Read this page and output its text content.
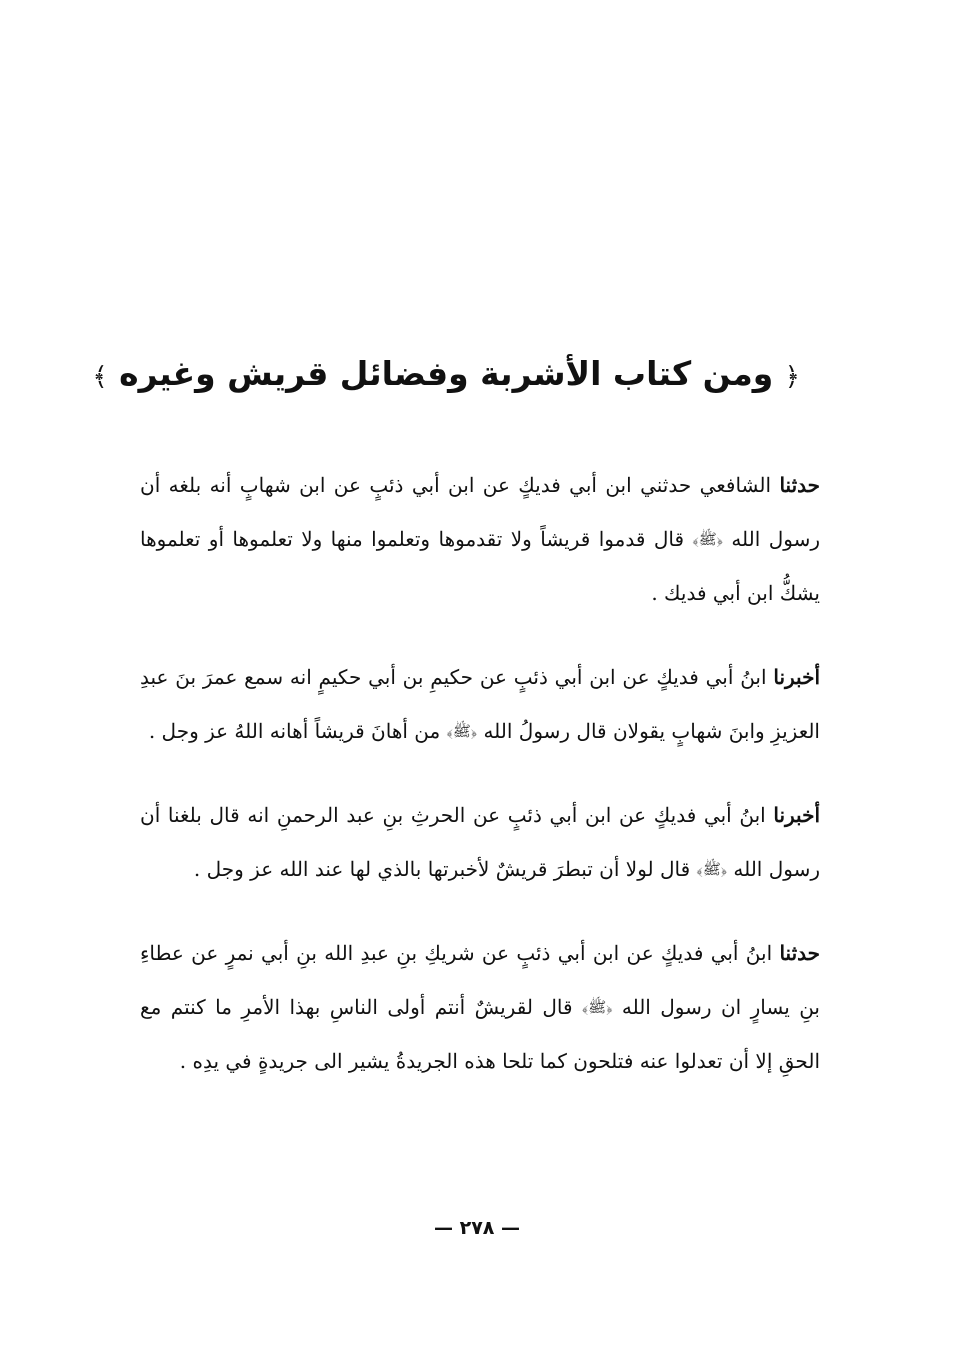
﴿ ومن كتاب الأشربة وفضائل قريش وغيره ﴾

حدثنا الشافعي حدثني ابن أبي فديكٍ عن ابن أبي ذئبٍ عن ابن شهابٍ أنه بلغه أن رسول الله ﴿ﷺ﴾ قال قدموا قريشاً ولا تقدموها وتعلموا منها ولا تعلموها أو تعلموها يشكُّ ابن أبي فديك .

أخبرنا ابنُ أبي فديكٍ عن ابن أبي ذئبٍ عن حكيمِ بن أبي حكيمٍ انه سمع عمرَ بنَ عبدِ العزيزِ وابنَ شهابٍ يقولان قال رسولُ الله ﴿ﷺ﴾ من أهانَ قريشاً أهانه اللهُ عز وجل .

أخبرنا ابنُ أبي فديكٍ عن ابن أبي ذئبٍ عن الحرثِ بنِ عبد الرحمنِ انه قال بلغنا أن رسول الله ﴿ﷺ﴾ قال لولا أن تبطرَ قريشٌ لأخبرتها بالذي لها عند الله عز وجل .

حدثنا ابنُ أبي فديكٍ عن ابن أبي ذئبٍ عن شريكِ بنِ عبدِ الله بنِ أبي نمرٍ عن عطاءِ بنِ يسارٍ ان رسول الله ﴿ﷺ﴾ قال لقريشٌ أنتم أولى الناسِ بهذا الأمرِ ما كنتم مع الحقِ إلا أن تعدلوا عنه فتلحون كما تلحا هذه الجريدةُ يشير الى جريدةٍ في يدِه .

— ٢٧٨ —
